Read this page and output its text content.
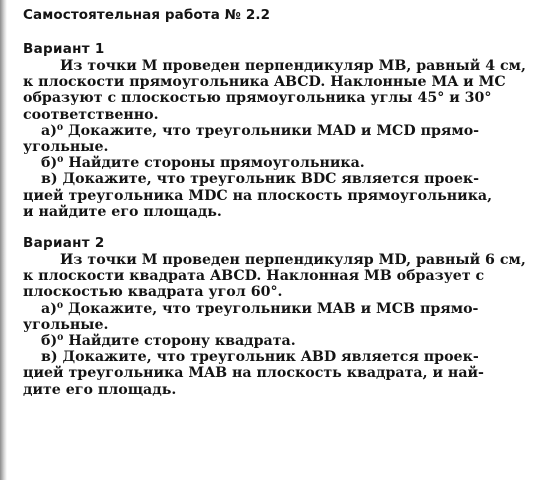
Самостоятельная работа № 2.2
Вариант 1
Из точки M проведен перпендикуляр MB, равный 4 см,
к плоскости прямоугольника ABCD. Наклонные MA и MC
образуют с плоскостью прямоугольника углы 45° и 30°
соответственно.
а)⁰ Докажите, что треугольники MAD и MCD прямо-
угольные.
б)⁰ Найдите стороны прямоугольника.
в) Докажите, что треугольник BDC является проек-
цией треугольника MDC на плоскость прямоугольника,
и найдите его площадь.
Вариант 2
Из точки M проведен перпендикуляр MD, равный 6 см,
к плоскости квадрата ABCD. Наклонная MB образует с
плоскостью квадрата угол 60°.
а)⁰ Докажите, что треугольники MAB и MCB прямо-
угольные.
б)⁰ Найдите сторону квадрата.
в) Докажите, что треугольник ABD является проек-
цией треугольника MAB на плоскость квадрата, и най-
дите его площадь.
